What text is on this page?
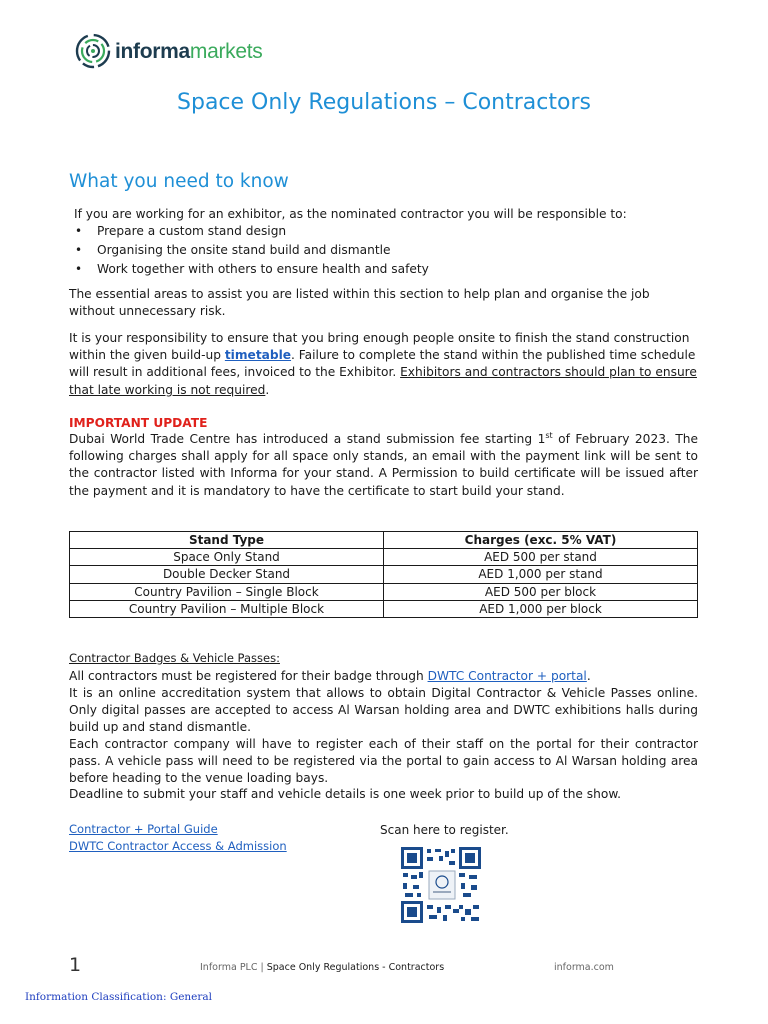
informamarkets
Space Only Regulations – Contractors
What you need to know

If you are working for an exhibitor, as the nominated contractor you will be responsible to:

•	Prepare a custom stand design
•	Organising the onsite stand build and dismantle
•	Work together with others to ensure health and safety

The essential areas to assist you are listed within this section to help plan and organise the job without unnecessary risk.

It is your responsibility to ensure that you bring enough people onsite to finish the stand construction within the given build-up timetable. Failure to complete the stand within the published time schedule will result in additional fees, invoiced to the Exhibitor. Exhibitors and contractors should plan to ensure that late working is not required.

IMPORTANT UPDATE

Dubai World Trade Centre has introduced a stand submission fee starting 1st of February 2023. The following charges shall apply for all space only stands, an email with the payment link will be sent to the contractor listed with Informa for your stand. A Permission to build certificate will be issued after the payment and it is mandatory to have the certificate to start build your stand.

Stand Type	Charges (exc. 5% VAT)
Space Only Stand	AED 500 per stand
Double Decker Stand	AED 1,000 per stand
Country Pavilion – Single Block	AED 500 per block
Country Pavilion – Multiple Block	AED 1,000 per block

Contractor Badges & Vehicle Passes:

All contractors must be registered for their badge through DWTC Contractor + portal.

It is an online accreditation system that allows to obtain Digital Contractor & Vehicle Passes online. Only digital passes are accepted to access Al Warsan holding area and DWTC exhibitions halls during build up and stand dismantle.

Each contractor company will have to register each of their staff on the portal for their contractor pass. A vehicle pass will need to be registered via the portal to gain access to Al Warsan holding area before heading to the venue loading bays.

Deadline to submit your staff and vehicle details is one week prior to build up of the show.

Contractor + Portal Guide

DWTC Contractor Access & Admission

Scan here to register.

1	Informa PLC | Space Only Regulations - Contractors	informa.com
Information Classification: General
